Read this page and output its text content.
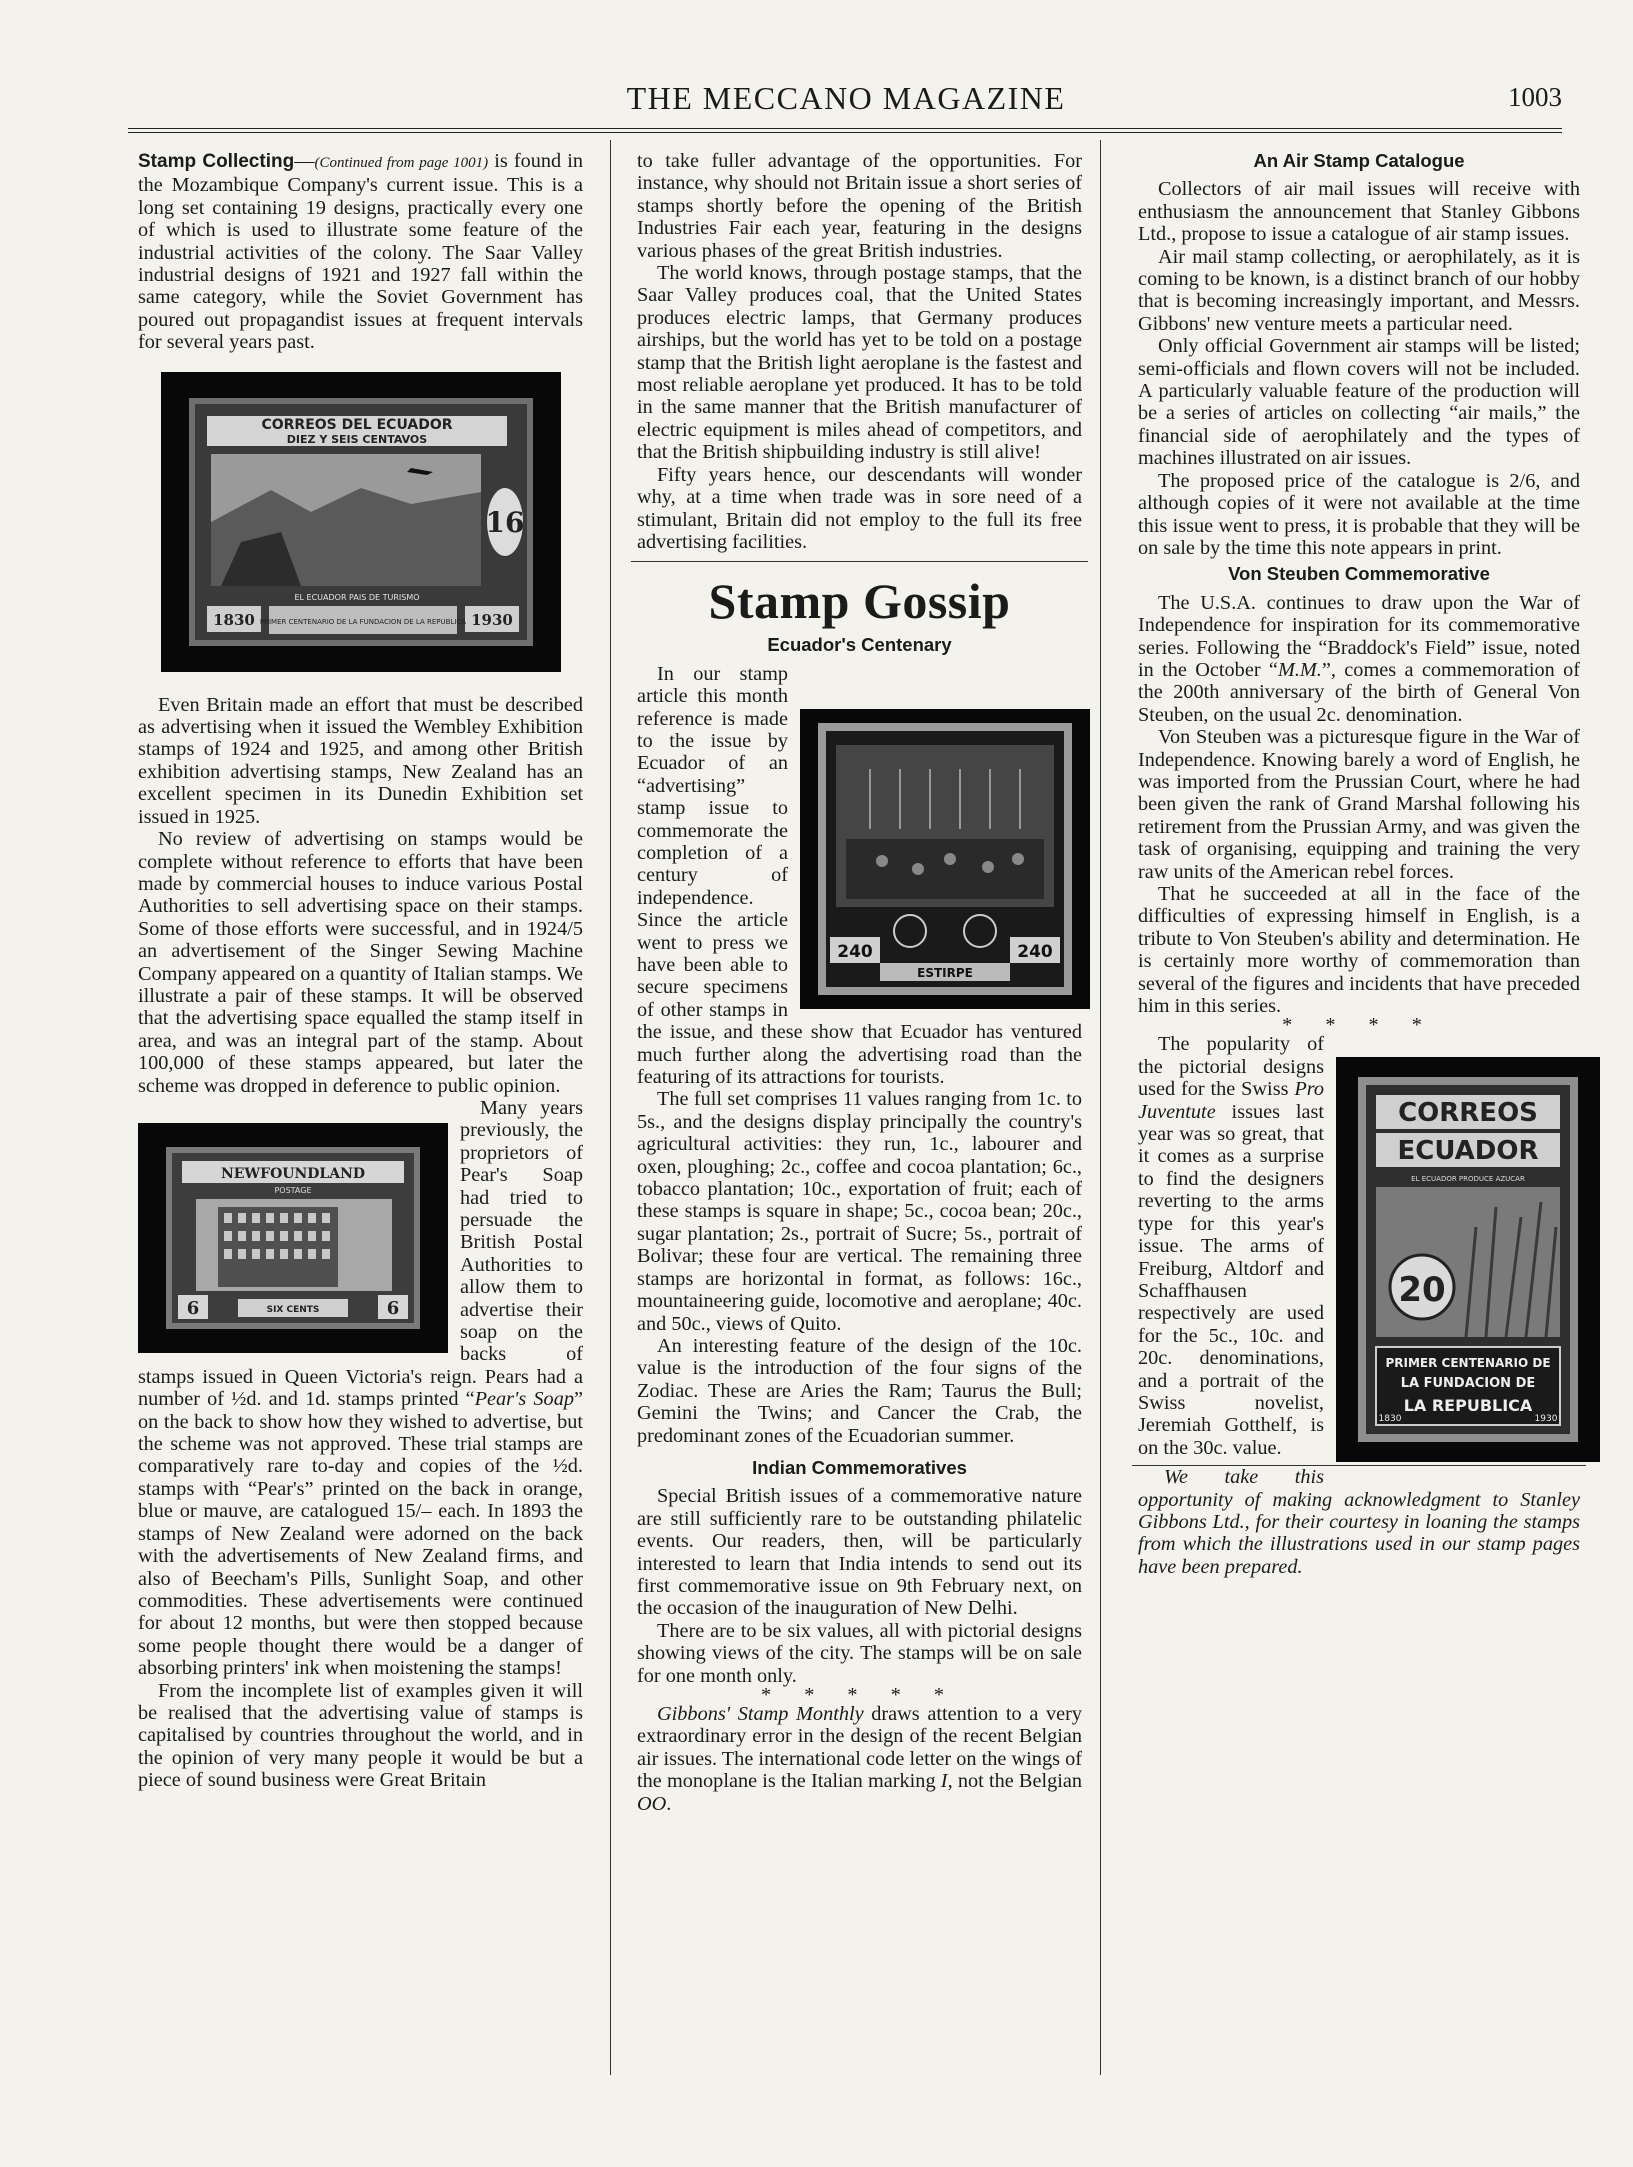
THE MECCANO MAGAZINE	1003

Stamp Collecting—(Continued from page 1001) is found in the Mozambique Company's current issue. This is a long set containing 19 designs, practically every one of which is used to illustrate some feature of the industrial activities of the colony. The Saar Valley industrial designs of 1921 and 1927 fall within the same category, while the Soviet Government has poured out propagandist issues at frequent intervals for several years past.

CORREOS DEL ECUADOR
DIEZ Y SEIS CENTAVOS
16
EL ECUADOR PAIS DE TURISMO
1830	1930
PRIMER CENTENARIO DE LA FUNDACION DE LA REPUBLICA

Even Britain made an effort that must be described as advertising when it issued the Wembley Exhibition stamps of 1924 and 1925, and among other British exhibition advertising stamps, New Zealand has an excellent specimen in its Dunedin Exhibition set issued in 1925.

No review of advertising on stamps would be complete without reference to efforts that have been made by commercial houses to induce various Postal Authorities to sell advertising space on their stamps. Some of those efforts were successful, and in 1924/5 an advertisement of the Singer Sewing Machine Company appeared on a quantity of Italian stamps. We illustrate a pair of these stamps. It will be observed that the advertising space equalled the stamp itself in area, and was an integral part of the stamp. About 100,000 of these stamps appeared, but later the scheme was dropped in deference to public opinion.

NEWFOUNDLAND
POSTAGE
6	6
SIX CENTS
Many years previously, the proprietors of Pear's Soap had tried to persuade the British Postal Authorities to allow them to advertise their soap on the backs of stamps issued in Queen Victoria's reign. Pears had a number of ½d. and 1d. stamps printed “Pear's Soap” on the back to show how they wished to advertise, but the scheme was not approved. These trial stamps are comparatively rare to-day and copies of the ½d. stamps with “Pear's” printed on the back in orange, blue or mauve, are catalogued 15/– each. In 1893 the stamps of New Zealand were adorned on the back with the advertisements of New Zealand firms, and also of Beecham's Pills, Sunlight Soap, and other commodities. These advertisements were continued for about 12 months, but were then stopped because some people thought there would be a danger of absorbing printers' ink when moistening the stamps!

From the incomplete list of examples given it will be realised that the advertising value of stamps is capitalised by countries throughout the world, and in the opinion of very many people it would be but a piece of sound business were Great Britain

to take fuller advantage of the opportunities. For instance, why should not Britain issue a short series of stamps shortly before the opening of the British Industries Fair each year, featuring in the designs various phases of the great British industries.

The world knows, through postage stamps, that the Saar Valley produces coal, that the United States produces electric lamps, that Germany produces airships, but the world has yet to be told on a postage stamp that the British light aeroplane is the fastest and most reliable aeroplane yet produced. It has to be told in the same manner that the British manufacturer of electric equipment is miles ahead of competitors, and that the British shipbuilding industry is still alive!

Fifty years hence, our descendants will wonder why, at a time when trade was in sore need of a stimulant, Britain did not employ to the full its free advertising facilities.

Stamp Gossip
Ecuador's Centenary

240	240
ESTIRPE
In our stamp article this month reference is made to the issue by Ecuador of an “advertising” stamp issue to commemorate the completion of a century of independence. Since the article went to press we have been able to secure specimens of other stamps in the issue, and these show that Ecuador has ventured much further along the advertising road than the featuring of its attractions for tourists.

The full set comprises 11 values ranging from 1c. to 5s., and the designs display principally the country's agricultural activities: they run, 1c., labourer and oxen, ploughing; 2c., coffee and cocoa plantation; 6c., tobacco plantation; 10c., exportation of fruit; each of these stamps is square in shape; 5c., cocoa bean; 20c., sugar plantation; 2s., portrait of Sucre; 5s., portrait of Bolivar; these four are vertical. The remaining three stamps are horizontal in format, as follows: 16c., mountaineering guide, locomotive and aeroplane; 40c. and 50c., views of Quito.

An interesting feature of the design of the 10c. value is the introduction of the four signs of the Zodiac. These are Aries the Ram; Taurus the Bull; Gemini the Twins; and Cancer the Crab, the predominant zones of the Ecuadorian summer.

Indian Commemoratives

Special British issues of a commemorative nature are still sufficiently rare to be outstanding philatelic events. Our readers, then, will be particularly interested to learn that India intends to send out its first commemorative issue on 9th February next, on the occasion of the inauguration of New Delhi.

There are to be six values, all with pictorial designs showing views of the city. The stamps will be on sale for one month only.

* * * * *

Gibbons' Stamp Monthly draws attention to a very extraordinary error in the design of the recent Belgian air issues. The international code letter on the wings of the monoplane is the Italian marking I, not the Belgian OO.

An Air Stamp Catalogue

Collectors of air mail issues will receive with enthusiasm the announcement that Stanley Gibbons Ltd., propose to issue a catalogue of air stamp issues.

Air mail stamp collecting, or aerophilately, as it is coming to be known, is a distinct branch of our hobby that is becoming increasingly important, and Messrs. Gibbons' new venture meets a particular need.

Only official Government air stamps will be listed; semi-officials and flown covers will not be included. A particularly valuable feature of the production will be a series of articles on collecting “air mails,” the financial side of aerophilately and the types of machines illustrated on air issues.

The proposed price of the catalogue is 2/6, and although copies of it were not available at the time this issue went to press, it is probable that they will be on sale by the time this note appears in print.

Von Steuben Commemorative

The U.S.A. continues to draw upon the War of Independence for inspiration for its commemorative series. Following the “Braddock's Field” issue, noted in the October “M.M.”, comes a commemoration of the 200th anniversary of the birth of General Von Steuben, on the usual 2c. denomination.

Von Steuben was a picturesque figure in the War of Independence. Knowing barely a word of English, he was imported from the Prussian Court, where he had been given the rank of Grand Marshal following his retirement from the Prussian Army, and was given the task of organising, equipping and training the very raw units of the American rebel forces.

That he succeeded at all in the face of the difficulties of expressing himself in English, is a tribute to Von Steuben's ability and determination. He is certainly more worthy of commemoration than several of the figures and incidents that have preceded him in this series.

* * * *

CORREOS
ECUADOR
EL ECUADOR PRODUCE AZUCAR
20
PRIMER CENTENARIO DE
LA FUNDACION DE
LA REPUBLICA
1830	1930
The popularity of the pictorial designs used for the Swiss Pro Juventute issues last year was so great, that it comes as a surprise to find the designers reverting to the arms type for this year's issue. The arms of Freiburg, Altdorf and Schaffhausen respectively are used for the 5c., 10c. and 20c. denominations, and a portrait of the Swiss novelist, Jeremiah Gotthelf, is on the 30c. value.

We take this opportunity of making acknowledgment to Stanley Gibbons Ltd., for their courtesy in loaning the stamps from which the illustrations used in our stamp pages have been prepared.
